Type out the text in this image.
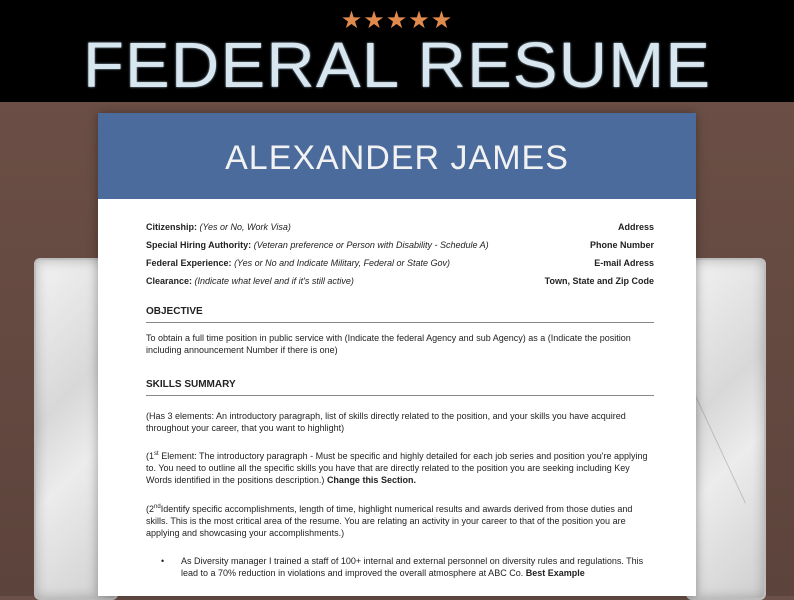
★★★★★
FEDERAL RESUME
ALEXANDER JAMES
Citizenship: (Yes or No, Work Visa)	Address
Special Hiring Authority: (Veteran preference or Person with Disability - Schedule A)	Phone Number
Federal Experience: (Yes or No and Indicate Military, Federal or State Gov)	E-mail Adress
Clearance: (Indicate what level and if it's still active)	Town, State and Zip Code
OBJECTIVE

To obtain a full time position in public service with (Indicate the federal Agency and sub Agency) as a (Indicate the position including announcement Number if there is one)

SKILLS SUMMARY

(Has 3 elements: An introductory paragraph, list of skills directly related to the position, and your skills you have acquired throughout your career, that you want to highlight)

(1st Element: The introductory paragraph - Must be specific and highly detailed for each job series and position you're applying to. You need to outline all the specific skills you have that are directly related to the position you are seeking including Key Words identified in the positions description.) Change this Section.

(2ndIdentify specific accomplishments, length of time, highlight numerical results and awards derived from those duties and skills. This is the most critical area of the resume. You are relating an activity in your career to that of the position you are applying and showcasing your accomplishments.)

• As Diversity manager I trained a staff of 100+ internal and external personnel on diversity rules and regulations. This lead to a 70% reduction in violations and improved the overall atmosphere at ABC Co. Best Example
